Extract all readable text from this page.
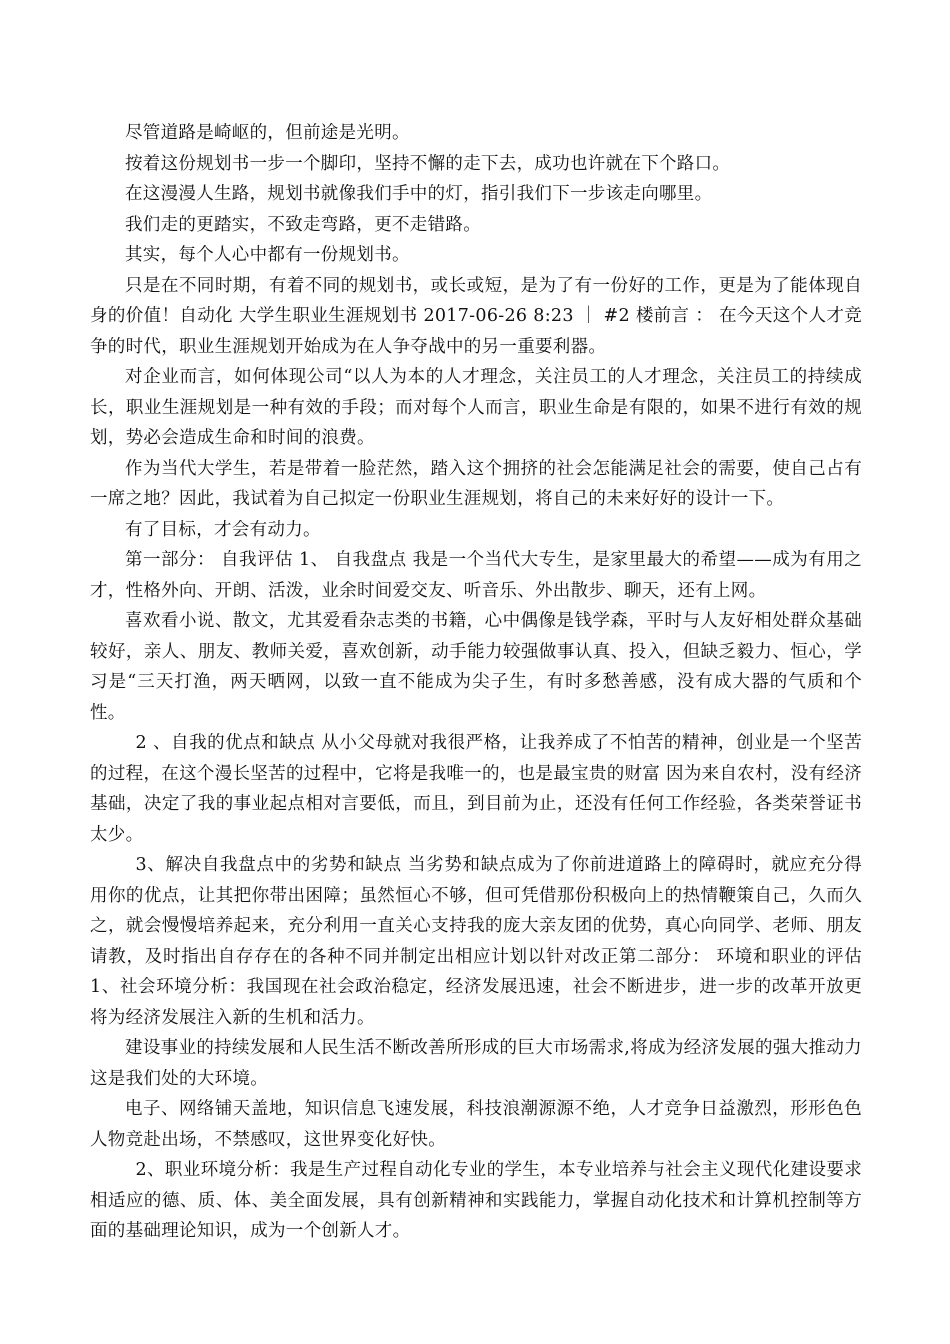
尽管道路是崎岖的，但前途是光明。

按着这份规划书一步一个脚印，坚持不懈的走下去，成功也许就在下个路口。

在这漫漫人生路，规划书就像我们手中的灯，指引我们下一步该走向哪里。

我们走的更踏实，不致走弯路，更不走错路。

其实，每个人心中都有一份规划书。

只是在不同时期，有着不同的规划书，或长或短，是为了有一份好的工作，更是为了能体现自身的价值！自动化 大学生职业生涯规划书 2017-06-26 8:23 ｜ #2 楼前言 ： 在今天这个人才竞争的时代，职业生涯规划开始成为在人争夺战中的另一重要利器。

对企业而言，如何体现公司“以人为本的人才理念，关注员工的人才理念，关注员工的持续成长，职业生涯规划是一种有效的手段；而对每个人而言，职业生命是有限的，如果不进行有效的规划，势必会造成生命和时间的浪费。

作为当代大学生，若是带着一脸茫然，踏入这个拥挤的社会怎能满足社会的需要，使自己占有一席之地？因此，我试着为自己拟定一份职业生涯规划，将自己的未来好好的设计一下。

有了目标，才会有动力。

第一部分： 自我评估 1、 自我盘点 我是一个当代大专生，是家里最大的希望——成为有用之才，性格外向、开朗、活泼，业余时间爱交友、听音乐、外出散步、聊天，还有上网。

喜欢看小说、散文，尤其爱看杂志类的书籍，心中偶像是钱学森，平时与人友好相处群众基础较好，亲人、朋友、教师关爱，喜欢创新，动手能力较强做事认真、投入，但缺乏毅力、恒心，学习是“三天打渔，两天晒网，以致一直不能成为尖子生，有时多愁善感，没有成大器的气质和个性。

2 、自我的优点和缺点 从小父母就对我很严格，让我养成了不怕苦的精神，创业是一个坚苦的过程，在这个漫长坚苦的过程中，它将是我唯一的，也是最宝贵的财富 因为来自农村，没有经济基础，决定了我的事业起点相对言要低，而且，到目前为止，还没有任何工作经验，各类荣誉证书太少。

3、解决自我盘点中的劣势和缺点 当劣势和缺点成为了你前进道路上的障碍时，就应充分得用你的优点，让其把你带出困障；虽然恒心不够，但可凭借那份积极向上的热情鞭策自己，久而久之，就会慢慢培养起来，充分利用一直关心支持我的庞大亲友团的优势，真心向同学、老师、朋友请教，及时指出自存存在的各种不同并制定出相应计划以针对改正第二部分： 环境和职业的评估 1、社会环境分析：我国现在社会政治稳定，经济发展迅速，社会不断进步，进一步的改革开放更将为经济发展注入新的生机和活力。

建设事业的持续发展和人民生活不断改善所形成的巨大市场需求,将成为经济发展的强大推动力这是我们处的大环境。

电子、网络铺天盖地，知识信息飞速发展，科技浪潮源源不绝，人才竞争日益激烈，形形色色人物竞赴出场，不禁感叹，这世界变化好快。

2、职业环境分析：我是生产过程自动化专业的学生，本专业培养与社会主义现代化建设要求相适应的德、质、体、美全面发展，具有创新精神和实践能力，掌握自动化技术和计算机控制等方面的基础理论知识，成为一个创新人才。
